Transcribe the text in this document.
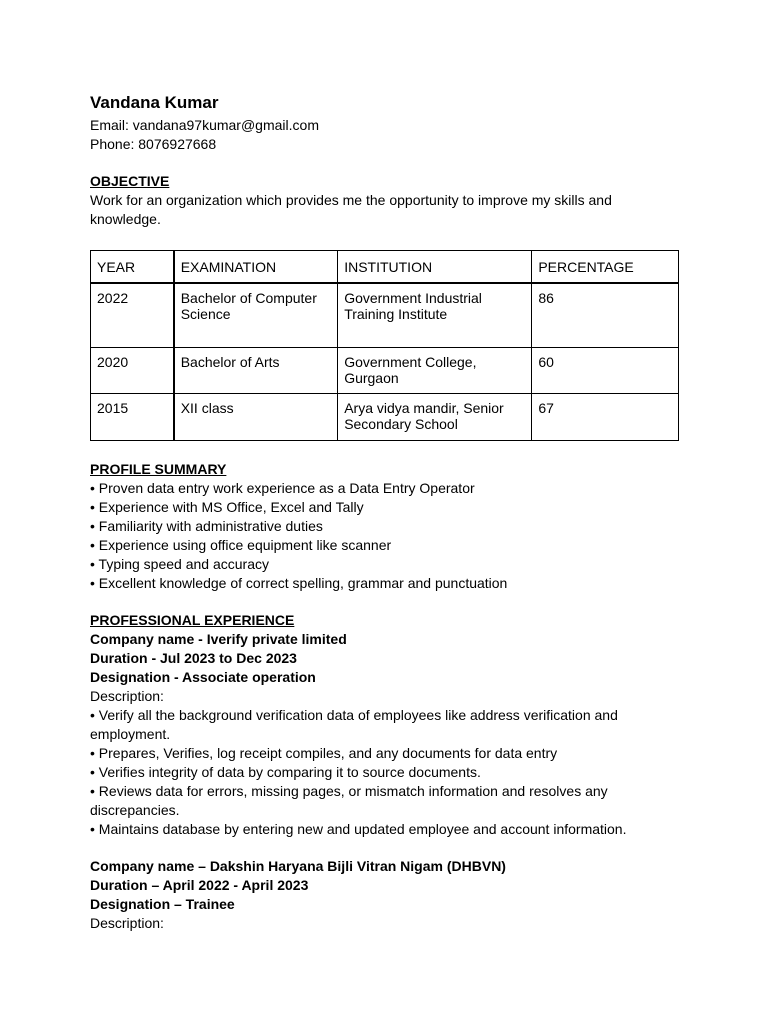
Vandana Kumar

Email: vandana97kumar@gmail.com

Phone: 8076927668

OBJECTIVE

Work for an organization which provides me the opportunity to improve my skills and knowledge.

YEAR	EXAMINATION	INSTITUTION	PERCENTAGE
2022	Bachelor of Computer Science	Government Industrial Training Institute	86
2020	Bachelor of Arts	Government College, Gurgaon	60
2015	XII class	Arya vidya mandir, Senior Secondary School	67

PROFILE SUMMARY

• Proven data entry work experience as a Data Entry Operator

• Experience with MS Office, Excel and Tally

• Familiarity with administrative duties

• Experience using office equipment like scanner

• Typing speed and accuracy

• Excellent knowledge of correct spelling, grammar and punctuation

PROFESSIONAL EXPERIENCE

Company name - Iverify private limited

Duration - Jul 2023 to Dec 2023

Designation - Associate operation

Description:

• Verify all the background verification data of employees like address verification and employment.

• Prepares, Verifies, log receipt compiles, and any documents for data entry

• Verifies integrity of data by comparing it to source documents.

• Reviews data for errors, missing pages, or mismatch information and resolves any discrepancies.

• Maintains database by entering new and updated employee and account information.

Company name – Dakshin Haryana Bijli Vitran Nigam (DHBVN)

Duration – April 2022 - April 2023

Designation – Trainee

Description:
